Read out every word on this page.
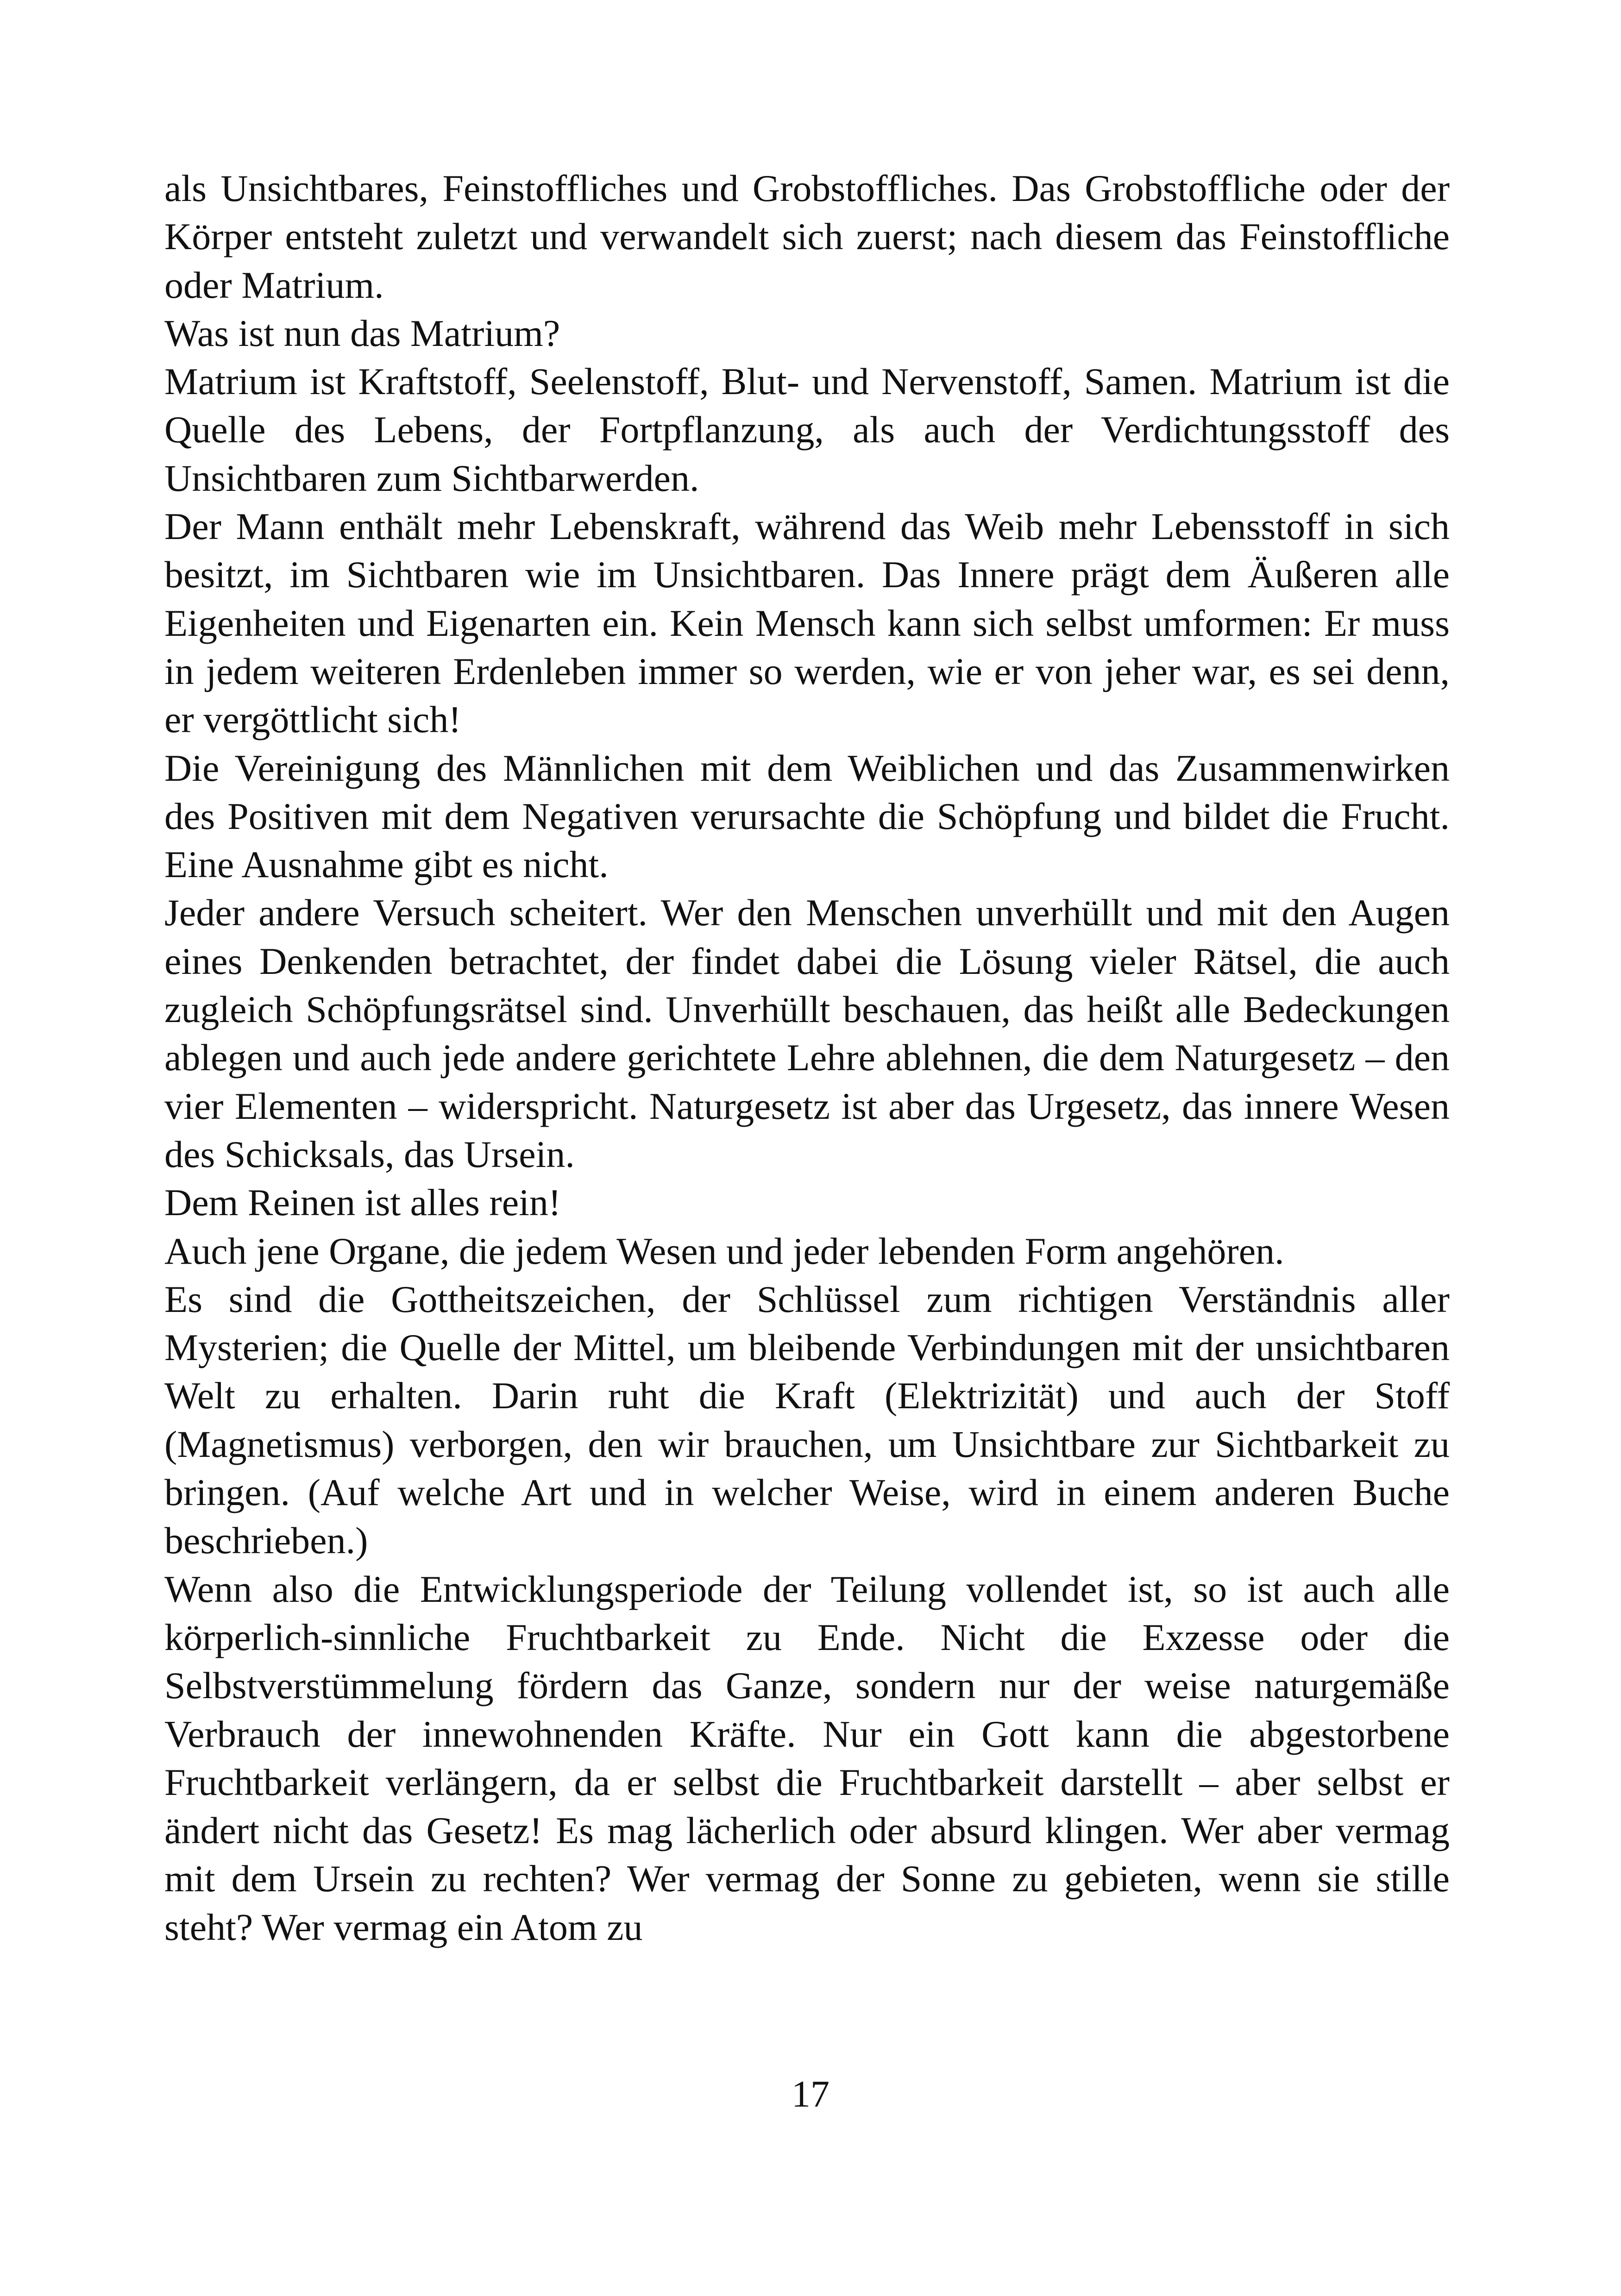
als Unsichtbares, Feinstoffliches und Grobstoffliches. Das Grobstoffliche oder der Körper entsteht zuletzt und verwandelt sich zuerst; nach diesem das Feinstoffliche oder Matrium.

Was ist nun das Matrium?

Matrium ist Kraftstoff, Seelenstoff, Blut- und Nervenstoff, Samen. Matrium ist die Quelle des Lebens, der Fortpflanzung, als auch der Verdichtungsstoff des Unsichtbaren zum Sichtbarwerden.

Der Mann enthält mehr Lebenskraft, während das Weib mehr Lebensstoff in sich besitzt, im Sichtbaren wie im Unsichtbaren. Das Innere prägt dem Äußeren alle Eigenheiten und Eigenarten ein. Kein Mensch kann sich selbst umformen: Er muss in jedem weiteren Erdenleben immer so werden, wie er von jeher war, es sei denn, er vergöttlicht sich!

Die Vereinigung des Männlichen mit dem Weiblichen und das Zusammenwirken des Positiven mit dem Negativen verursachte die Schöpfung und bildet die Frucht. Eine Ausnahme gibt es nicht.

Jeder andere Versuch scheitert. Wer den Menschen unverhüllt und mit den Augen eines Denkenden betrachtet, der findet dabei die Lösung vieler Rätsel, die auch zugleich Schöpfungsrätsel sind. Unverhüllt beschauen, das heißt alle Bedeckungen ablegen und auch jede andere gerichtete Lehre ablehnen, die dem Naturgesetz – den vier Elementen – widerspricht. Naturgesetz ist aber das Urgesetz, das innere Wesen des Schicksals, das Ursein.

Dem Reinen ist alles rein!

Auch jene Organe, die jedem Wesen und jeder lebenden Form angehören.

Es sind die Gottheitszeichen, der Schlüssel zum richtigen Verständnis aller Mysterien; die Quelle der Mittel, um bleibende Verbindungen mit der unsichtbaren Welt zu erhalten. Darin ruht die Kraft (Elektrizität) und auch der Stoff (Magnetismus) verborgen, den wir brauchen, um Unsichtbare zur Sichtbarkeit zu bringen. (Auf welche Art und in welcher Weise, wird in einem anderen Buche beschrieben.)

Wenn also die Entwicklungsperiode der Teilung vollendet ist, so ist auch alle körperlich-sinnliche Fruchtbarkeit zu Ende. Nicht die Exzesse oder die Selbstverstümmelung fördern das Ganze, sondern nur der weise naturgemäße Verbrauch der innewohnenden Kräfte. Nur ein Gott kann die abgestorbene Fruchtbarkeit verlängern, da er selbst die Fruchtbarkeit darstellt – aber selbst er ändert nicht das Gesetz! Es mag lächerlich oder absurd klingen. Wer aber vermag mit dem Ursein zu rechten? Wer vermag der Sonne zu gebieten, wenn sie stille steht? Wer vermag ein Atom zu

17
